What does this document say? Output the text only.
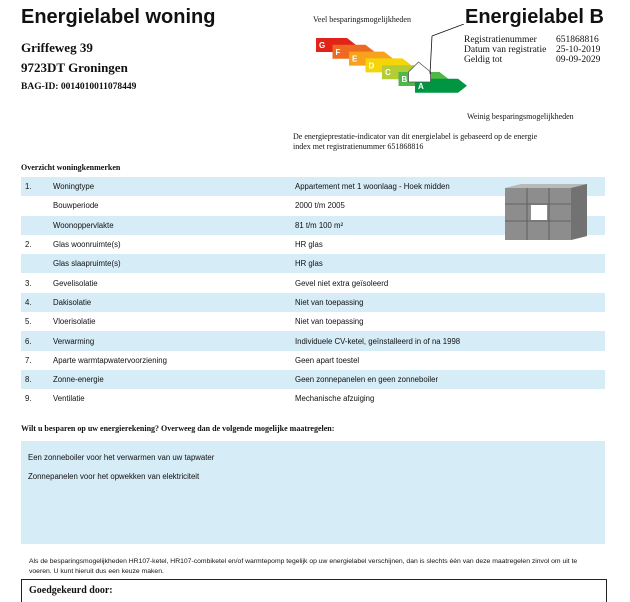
Energielabel woning
Griffeweg 39
9723DT Groningen
BAG-ID: 0014010011078449
Veel besparingsmogelijkheden
G
F
E
D
C
B
A
Weinig besparingsmogelijkheden
Energielabel B
Registratienummer	651868816
Datum van registratie	25-10-2019
Geldig tot	09-09-2029
De energieprestatie-indicator van dit energielabel is gebaseerd op de energie index met registratienummer 651868816
Overzicht woningkenmerken
1.	Woningtype	Appartement met 1 woonlaag - Hoek midden
	Bouwperiode	2000 t/m 2005
	Woonoppervlakte	81 t/m 100 m²
2.	Glas woonruimte(s)	HR glas
	Glas slaapruimte(s)	HR glas
3.	Gevelisolatie	Gevel niet extra geïsoleerd
4.	Dakisolatie	Niet van toepassing
5.	Vloerisolatie	Niet van toepassing
6.	Verwarming	Individuele CV-ketel, geïnstalleerd in of na 1998
7.	Aparte warmtapwatervoorziening	Geen apart toestel
8.	Zonne-energie	Geen zonnepanelen en geen zonneboiler
9.	Ventilatie	Mechanische afzuiging
Wilt u besparen op uw energierekening? Overweeg dan de volgende mogelijke maatregelen:
Een zonneboiler voor het verwarmen van uw tapwater
Zonnepanelen voor het opwekken van elektriciteit
Als de besparingsmogelijkheden HR107-ketel, HR107-combiketel en/of warmtepomp tegelijk op uw energielabel verschijnen, dan is slechts één van deze maatregelen zinvol om uit te voeren. U kunt hieruit dus een keuze maken.
Goedgekeurd door:
